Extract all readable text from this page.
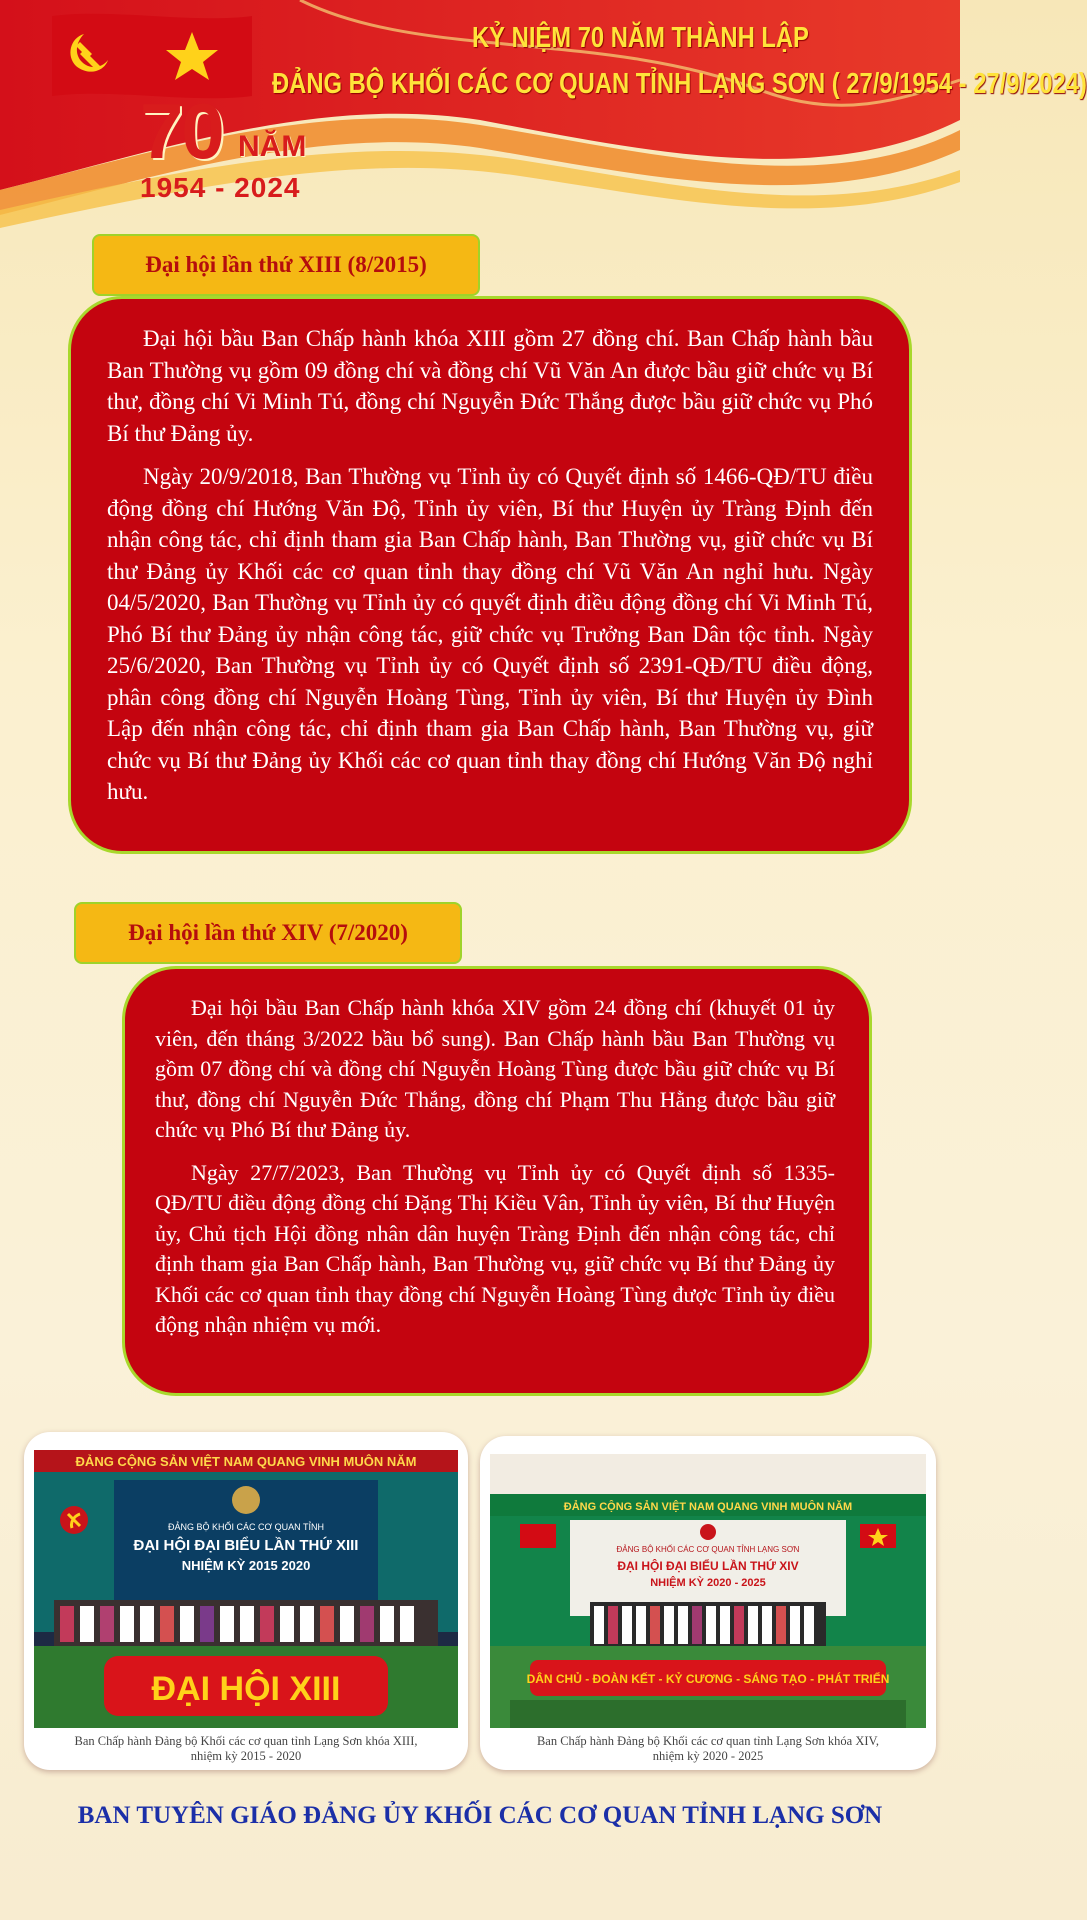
70 NĂM
1954 - 2024
KỶ NIỆM 70 NĂM THÀNH LẬP
ĐẢNG BỘ KHỐI CÁC CƠ QUAN TỈNH LẠNG SƠN ( 27/9/1954 - 27/9/2024)
Đại hội lần thứ XIII (8/2015)

Đại hội bầu Ban Chấp hành khóa XIII gồm 27 đồng chí. Ban Chấp hành bầu Ban Thường vụ gồm 09 đồng chí và đồng chí Vũ Văn An được bầu giữ chức vụ Bí thư, đồng chí Vi Minh Tú, đồng chí Nguyễn Đức Thắng được bầu giữ chức vụ Phó Bí thư Đảng ủy.

Ngày 20/9/2018, Ban Thường vụ Tỉnh ủy có Quyết định số 1466-QĐ/TU điều động đồng chí Hướng Văn Độ, Tỉnh ủy viên, Bí thư Huyện ủy Tràng Định đến nhận công tác, chỉ định tham gia Ban Chấp hành, Ban Thường vụ, giữ chức vụ Bí thư Đảng ủy Khối các cơ quan tỉnh thay đồng chí Vũ Văn An nghỉ hưu. Ngày 04/5/2020, Ban Thường vụ Tỉnh ủy có quyết định điều động đồng chí Vi Minh Tú, Phó Bí thư Đảng ủy nhận công tác, giữ chức vụ Trưởng Ban Dân tộc tỉnh. Ngày 25/6/2020, Ban Thường vụ Tỉnh ủy có Quyết định số 2391-QĐ/TU điều động, phân công đồng chí Nguyễn Hoàng Tùng, Tỉnh ủy viên, Bí thư Huyện ủy Đình Lập đến nhận công tác, chỉ định tham gia Ban Chấp hành, Ban Thường vụ, giữ chức vụ Bí thư Đảng ủy Khối các cơ quan tỉnh thay đồng chí Hướng Văn Độ nghỉ hưu.

Đại hội lần thứ XIV (7/2020)

Đại hội bầu Ban Chấp hành khóa XIV gồm 24 đồng chí (khuyết 01 ủy viên, đến tháng 3/2022 bầu bổ sung). Ban Chấp hành bầu Ban Thường vụ gồm 07 đồng chí và đồng chí Nguyễn Hoàng Tùng được bầu giữ chức vụ Bí thư, đồng chí Nguyễn Đức Thắng, đồng chí Phạm Thu Hằng được bầu giữ chức vụ Phó Bí thư Đảng ủy.

Ngày 27/7/2023, Ban Thường vụ Tỉnh ủy có Quyết định số 1335-QĐ/TU điều động đồng chí Đặng Thị Kiều Vân, Tỉnh ủy viên, Bí thư Huyện ủy, Chủ tịch Hội đồng nhân dân huyện Tràng Định đến nhận công tác, chỉ định tham gia Ban Chấp hành, Ban Thường vụ, giữ chức vụ Bí thư Đảng ủy Khối các cơ quan tỉnh thay đồng chí Nguyễn Hoàng Tùng được Tỉnh ủy điều động nhận nhiệm vụ mới.

ĐẢNG CỘNG SẢN VIỆT NAM QUANG VINH MUÔN NĂM
ĐẢNG BỘ KHỐI CÁC CƠ QUAN TỈNH
ĐẠI HỘI ĐẠI BIỂU LẦN THỨ XIII
NHIỆM KỲ 2015 2020
ĐẠI HỘI XIII
Ban Chấp hành Đảng bộ Khối các cơ quan tỉnh Lạng Sơn khóa XIII,
nhiệm kỳ 2015 - 2020
ĐẢNG CỘNG SẢN VIỆT NAM QUANG VINH MUÔN NĂM
ĐẢNG BỘ KHỐI CÁC CƠ QUAN TỈNH LẠNG SƠN
ĐẠI HỘI ĐẠI BIỂU LẦN THỨ XIV
NHIỆM KỲ 2020 - 2025
DÂN CHỦ - ĐOÀN KẾT - KỶ CƯƠNG - SÁNG TẠO - PHÁT TRIỂN
Ban Chấp hành Đảng bộ Khối các cơ quan tỉnh Lạng Sơn khóa XIV,
nhiệm kỳ 2020 - 2025
BAN TUYÊN GIÁO ĐẢNG ỦY KHỐI CÁC CƠ QUAN TỈNH LẠNG SƠN
